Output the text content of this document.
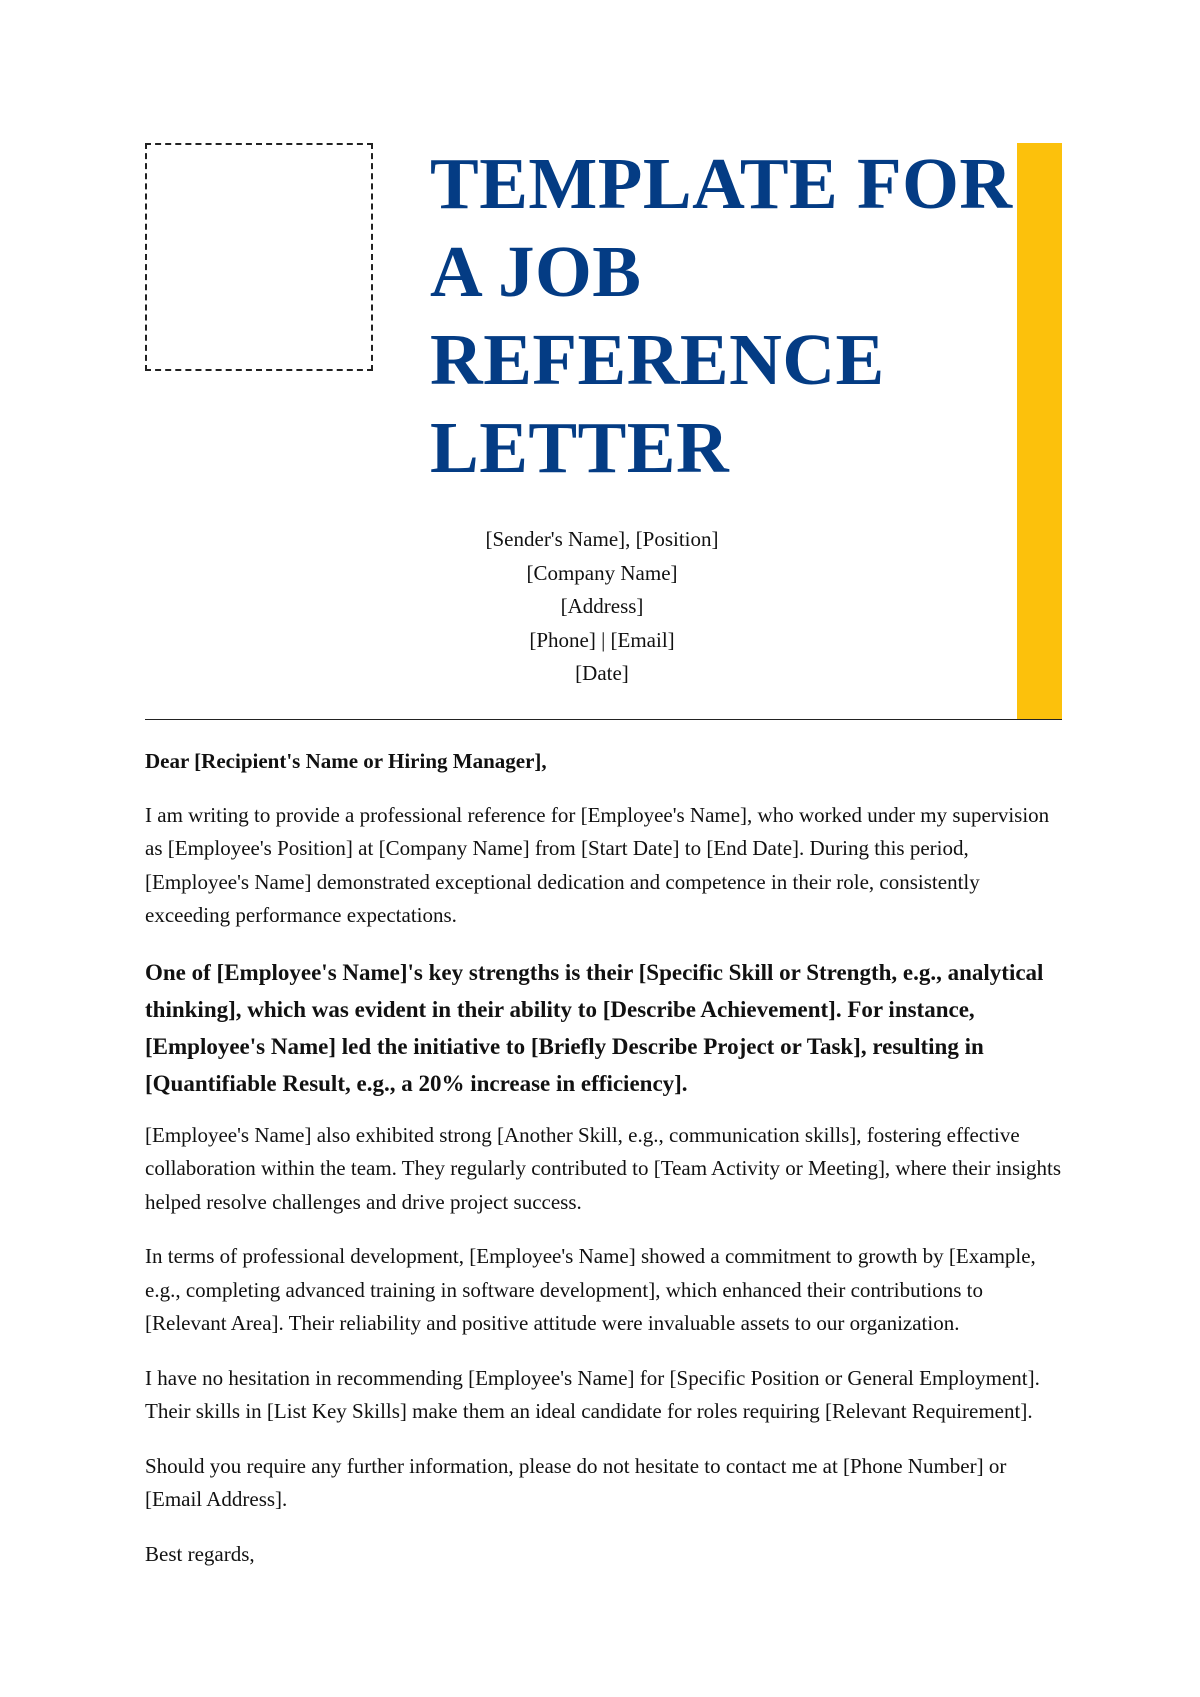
TEMPLATE FOR A JOB REFERENCE LETTER
[Sender's Name], [Position]
[Company Name]
[Address]
[Phone] | [Email]
[Date]

Dear [Recipient's Name or Hiring Manager],

I am writing to provide a professional reference for [Employee's Name], who worked under my supervision as [Employee's Position] at [Company Name] from [Start Date] to [End Date]. During this period, [Employee's Name] demonstrated exceptional dedication and competence in their role, consistently exceeding performance expectations.

One of [Employee's Name]'s key strengths is their [Specific Skill or Strength, e.g., analytical thinking], which was evident in their ability to [Describe Achievement]. For instance, [Employee's Name] led the initiative to [Briefly Describe Project or Task], resulting in [Quantifiable Result, e.g., a 20% increase in efficiency].

[Employee's Name] also exhibited strong [Another Skill, e.g., communication skills], fostering effective collaboration within the team. They regularly contributed to [Team Activity or Meeting], where their insights helped resolve challenges and drive project success.

In terms of professional development, [Employee's Name] showed a commitment to growth by [Example, e.g., completing advanced training in software development], which enhanced their contributions to [Relevant Area]. Their reliability and positive attitude were invaluable assets to our organization.

I have no hesitation in recommending [Employee's Name] for [Specific Position or General Employment]. Their skills in [List Key Skills] make them an ideal candidate for roles requiring [Relevant Requirement].

Should you require any further information, please do not hesitate to contact me at [Phone Number] or [Email Address].

Best regards,
